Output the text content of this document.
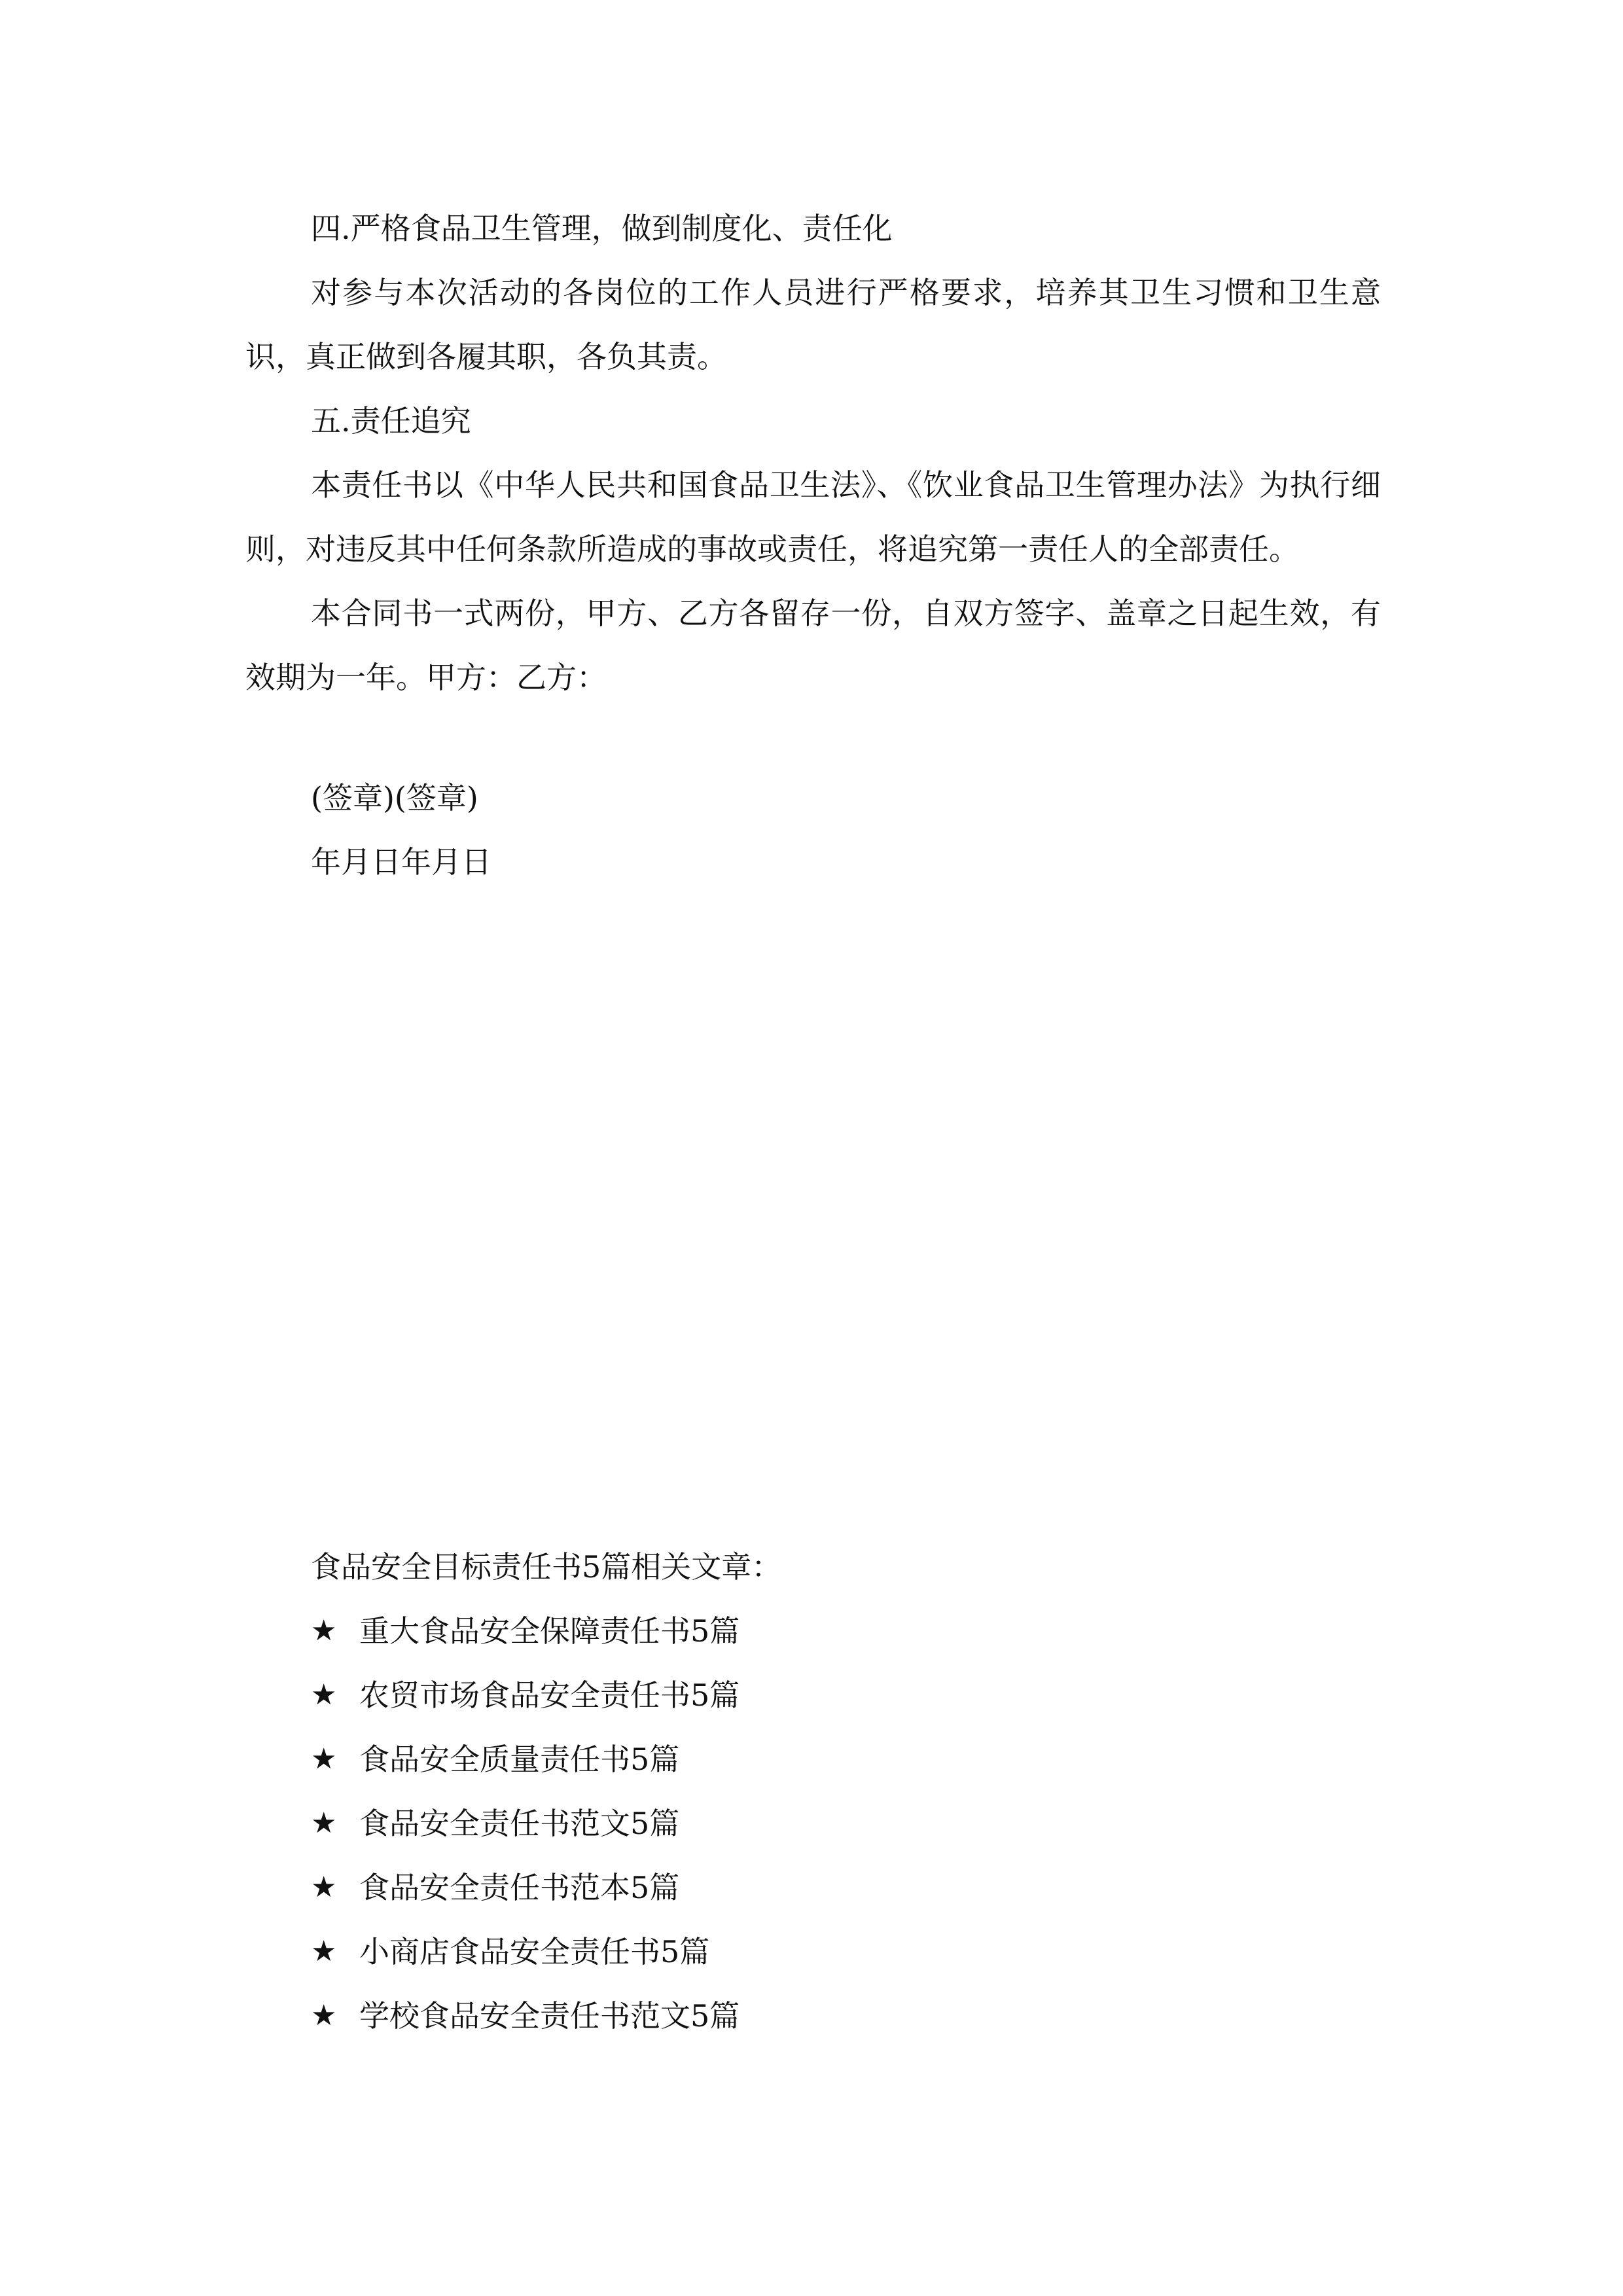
四.严格食品卫生管理，做到制度化、责任化

对参与本次活动的各岗位的工作人员进行严格要求，培养其卫生习惯和卫生意识，真正做到各履其职，各负其责。

五.责任追究

本责任书以《中华人民共和国食品卫生法》、《饮业食品卫生管理办法》为执行细则，对违反其中任何条款所造成的事故或责任，将追究第一责任人的全部责任。

本合同书一式两份，甲方、乙方各留存一份，自双方签字、盖章之日起生效，有效期为一年。甲方：乙方：

(签章)(签章)
年月日年月日

食品安全目标责任书5篇相关文章：

★ 重大食品安全保障责任书5篇
★ 农贸市场食品安全责任书5篇
★ 食品安全质量责任书5篇
★ 食品安全责任书范文5篇
★ 食品安全责任书范本5篇
★ 小商店食品安全责任书5篇
★ 学校食品安全责任书范文5篇
